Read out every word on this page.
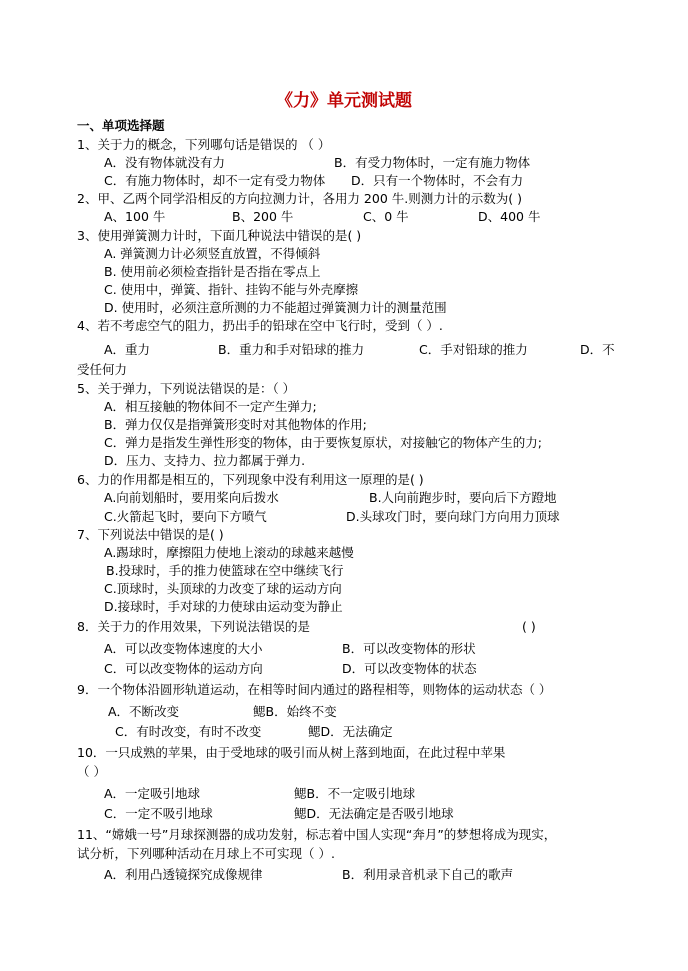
《力》单元测试题
一、单项选择题
1、关于力的概念，下列哪句话是错误的 （ ）
A．没有物体就没有力	B．有受力物体时，一定有施力物体
C．有施力物体时，却不一定有受力物体 D．只有一个物体时，不会有力
2、甲、乙两个同学沿相反的方向拉测力计，各用力 200 牛.则测力计的示数为( )
A、100 牛	B、200 牛	C、0 牛	D、400 牛
3、使用弹簧测力计时，下面几种说法中错误的是( )
A. 弹簧测力计必须竖直放置，不得倾斜
B. 使用前必须检查指针是否指在零点上
C. 使用中，弹簧、指针、挂钩不能与外壳摩擦
D. 使用时，必须注意所测的力不能超过弹簧测力计的测量范围
4、若不考虑空气的阻力，扔出手的铅球在空中飞行时，受到（ ）.
A．重力	B．重力和手对铅球的推力	C．手对铅球的推力	D．不
受任何力
5、关于弹力，下列说法错误的是：（ ）
A．相互接触的物体间不一定产生弹力;
B．弹力仅仅是指弹簧形变时对其他物体的作用;
C．弹力是指发生弹性形变的物体，由于要恢复原状，对接触它的物体产生的力;
D．压力、支持力、拉力都属于弹力.
6、力的作用都是相互的，下列现象中没有利用这一原理的是( )
A.向前划船时，要用桨向后拨水	B.人向前跑步时，要向后下方蹬地
C.火箭起飞时，要向下方喷气	D.头球攻门时，要向球门方向用力顶球
7、下列说法中错误的是( )
A.踢球时，摩擦阻力使地上滚动的球越来越慢
B.投球时，手的推力使篮球在空中继续飞行
C.顶球时，头顶球的力改变了球的运动方向
D.接球时，手对球的力使球由运动变为静止
8．关于力的作用效果，下列说法错误的是	( )
A．可以改变物体速度的大小	B．可以改变物体的形状
C．可以改变物体的运动方向	D．可以改变物体的状态
9．一个物体沿圆形轨道运动，在相等时间内通过的路程相等，则物体的运动状态（ ）
A．不断改变	鳃B．始终不变
C．有时改变，有时不改变	鳃D．无法确定
10．一只成熟的苹果，由于受地球的吸引而从树上落到地面，在此过程中苹果
（ ）
A．一定吸引地球	鳃B．不一定吸引地球
C．一定不吸引地球	鳃D．无法确定是否吸引地球
11、“嫦娥一号”月球探测器的成功发射，标志着中国人实现“奔月”的梦想将成为现实，
试分析，下列哪种活动在月球上不可实现（ ）.
A．利用凸透镜探究成像规律	B．利用录音机录下自己的歌声
